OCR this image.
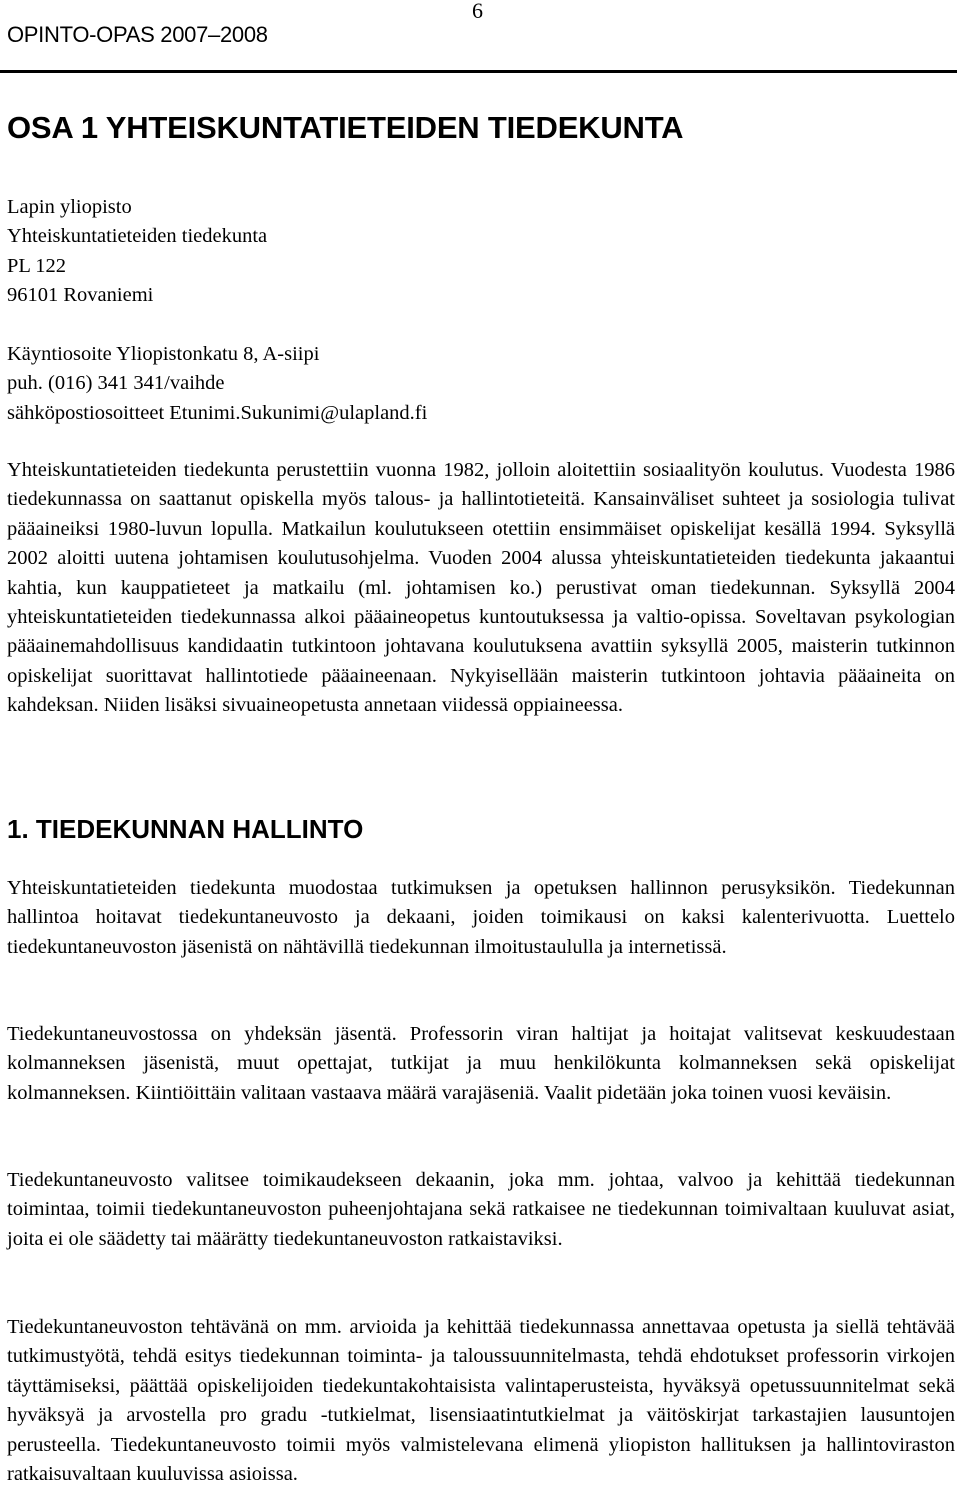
OPINTO-OPAS 2007–2008
6
OSA 1 YHTEISKUNTATIETEIDEN TIEDEKUNTA
Lapin yliopisto
Yhteiskuntatieteiden tiedekunta
PL 122
96101 Rovaniemi
Käyntiosoite Yliopistonkatu 8, A-siipi
puh. (016) 341 341/vaihde
sähköpostiosoitteet Etunimi.Sukunimi@ulapland.fi

Yhteiskuntatieteiden tiedekunta perustettiin vuonna 1982, jolloin aloitettiin sosiaalityön koulutus. Vuodesta 1986 tiedekunnassa on saattanut opiskella myös talous- ja hallintotieteitä. Kansainväliset suhteet ja sosiologia tulivat pääaineiksi 1980-luvun lopulla. Matkailun koulutukseen otettiin ensimmäiset opiskelijat kesällä 1994. Syksyllä 2002 aloitti uutena johtamisen koulutusohjelma. Vuoden 2004 alussa yhteiskuntatieteiden tiedekunta jakaantui kahtia, kun kauppatieteet ja matkailu (ml. johtamisen ko.) perustivat oman tiedekunnan. Syksyllä 2004 yhteiskuntatieteiden tiedekunnassa alkoi pääaineopetus kuntoutuksessa ja valtio-opissa. Soveltavan psykologian pääainemahdollisuus kandidaatin tutkintoon johtavana koulutuksena avattiin syksyllä 2005, maisterin tutkinnon opiskelijat suorittavat hallintotiede pääaineenaan. Nykyisellään maisterin tutkintoon johtavia pääaineita on kahdeksan. Niiden lisäksi sivuaineopetusta annetaan viidessä oppiaineessa.

1. TIEDEKUNNAN HALLINTO

Yhteiskuntatieteiden tiedekunta muodostaa tutkimuksen ja opetuksen hallinnon perusyksikön. Tiedekunnan hallintoa hoitavat tiedekuntaneuvosto ja dekaani, joiden toimikausi on kaksi kalenterivuotta. Luettelo tiedekuntaneuvoston jäsenistä on nähtävillä tiedekunnan ilmoitustaululla ja internetissä.

Tiedekuntaneuvostossa on yhdeksän jäsentä. Professorin viran haltijat ja hoitajat valitsevat keskuudestaan kolmanneksen jäsenistä, muut opettajat, tutkijat ja muu henkilökunta kolmanneksen sekä opiskelijat kolmanneksen. Kiintiöittäin valitaan vastaava määrä varajäseniä. Vaalit pidetään joka toinen vuosi keväisin.

Tiedekuntaneuvosto valitsee toimikaudekseen dekaanin, joka mm. johtaa, valvoo ja kehittää tiedekunnan toimintaa, toimii tiedekuntaneuvoston puheenjohtajana sekä ratkaisee ne tiedekunnan toimivaltaan kuuluvat asiat, joita ei ole säädetty tai määrätty tiedekuntaneuvoston ratkaistaviksi.

Tiedekuntaneuvoston tehtävänä on mm. arvioida ja kehittää tiedekunnassa annettavaa opetusta ja siellä tehtävää tutkimustyötä, tehdä esitys tiedekunnan toiminta- ja taloussuunnitelmasta, tehdä ehdotukset professorin virkojen täyttämiseksi, päättää opiskelijoiden tiedekuntakohtaisista valintaperusteista, hyväksyä opetussuunnitelmat sekä hyväksyä ja arvostella pro gradu -tutkielmat, lisensiaatintutkielmat ja väitöskirjat tarkastajien lausuntojen perusteella. Tiedekuntaneuvosto toimii myös valmistelevana elimenä yliopiston hallituksen ja hallintoviraston ratkaisuvaltaan kuuluvissa asioissa.
